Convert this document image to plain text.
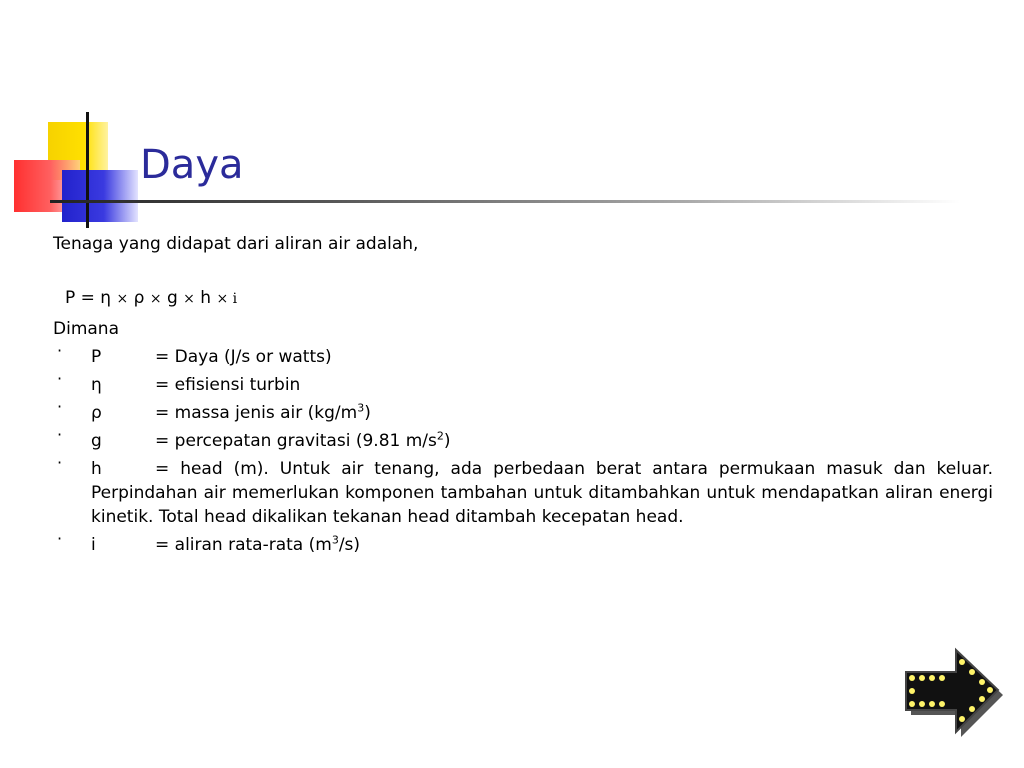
Daya

Tenaga yang didapat dari aliran air adalah,

P = η × ρ × g × h × i

Dimana

· P	= Daya (J/s or watts)
· η	= efisiensi turbin
· ρ	= massa jenis air $(kg/m^3)$
· g	= percepatan gravitasi (9.81 $m/s^2$)
· h	= head (m). Untuk air tenang, ada perbedaan berat antara permukaan masuk dan keluar. Perpindahan air memerlukan komponen tambahan untuk ditambahkan untuk mendapatkan aliran energi kinetik. Total head dikalikan tekanan head ditambah kecepatan head.
· i	= aliran rata-rata $(m^3/s)$
